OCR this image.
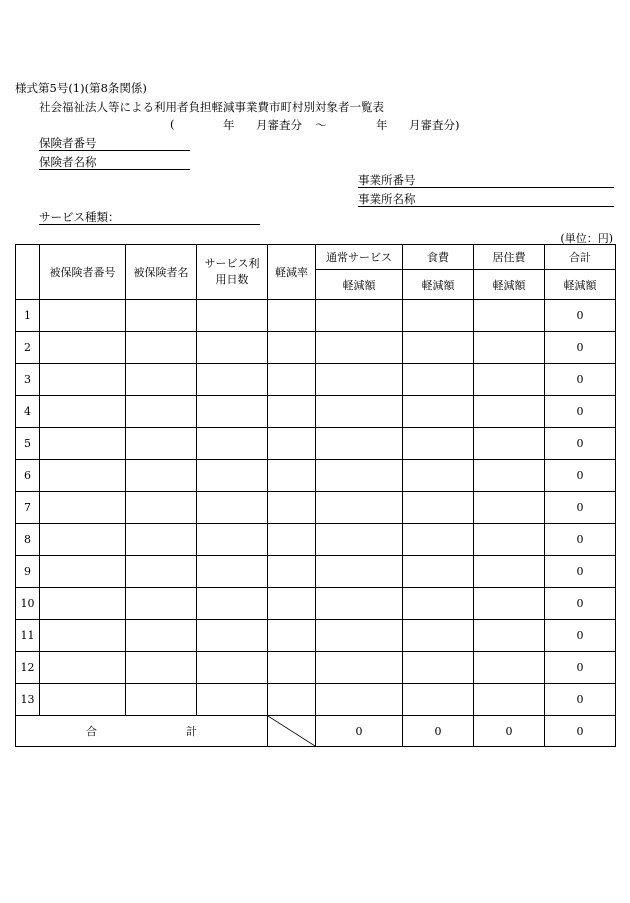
様式第5号(1)(第8条関係)
社会福祉法人等による利用者負担軽減事業費市町村別対象者一覧表
(	年 月審査分 ～	年 月審査分)
保険者番号
保険者名称
事業所番号
事業所名称
サービス種類：
(単位：円)
	被保険者番号	被保険者名	サービス利用日数	軽減率	通常サービス	食費	居住費	合計
					軽減額	軽減額	軽減額	軽減額
1								0
2								0
3								0
4								0
5								0
6								0
7								0
8								0
9								0
10								0
11								0
12								0
13								0
合 計					0	0	0	0
